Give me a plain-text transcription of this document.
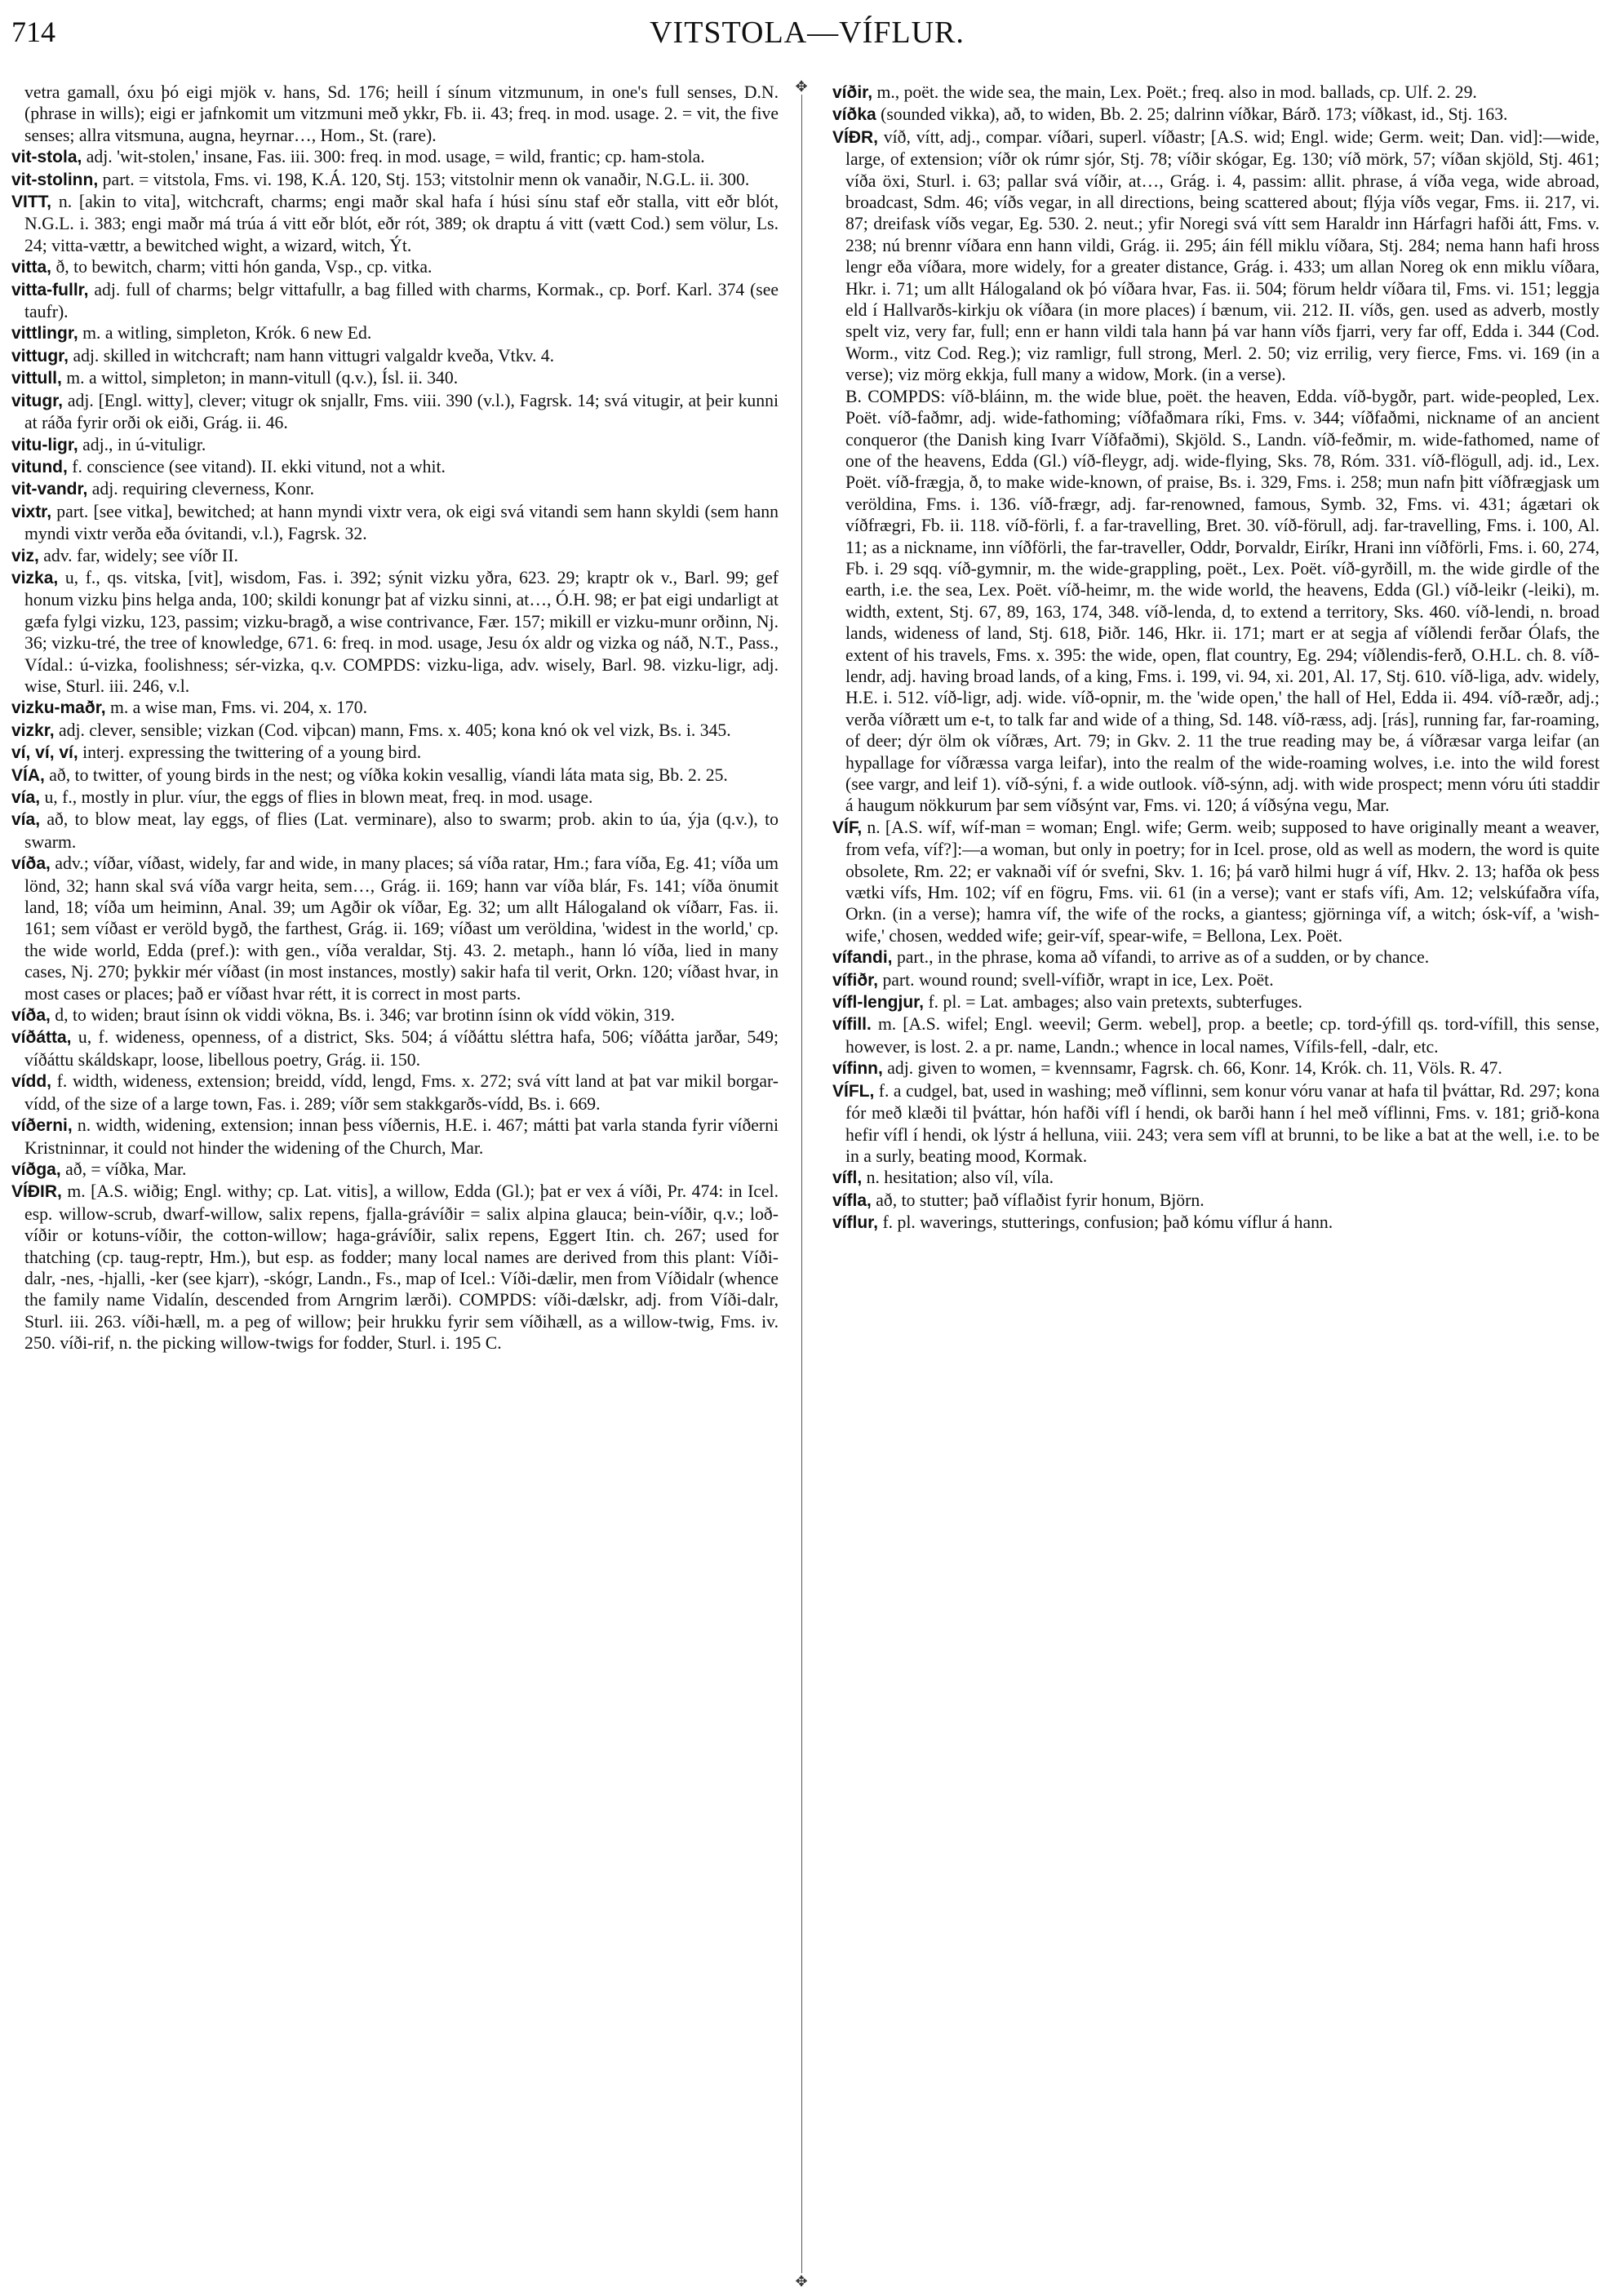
714	VITSTOLA—VÍFLUR.
✥
✥
vetra gamall, óxu þó eigi mjök v. hans, Sd. 176; heill í sínum vitzmunum, in one's full senses, D.N. (phrase in wills); eigi er jafnkomit um vitzmuni með ykkr, Fb. ii. 43; freq. in mod. usage. 2. = vit, the five senses; allra vitsmuna, augna, heyrnar…, Hom., St. (rare).
vit-stola, adj. 'wit-stolen,' insane, Fas. iii. 300: freq. in mod. usage, = wild, frantic; cp. ham-stola.
vit-stolinn, part. = vitstola, Fms. vi. 198, K.Á. 120, Stj. 153; vitstolnir menn ok vanaðir, N.G.L. ii. 300.
VITT, n. [akin to vita], witchcraft, charms; engi maðr skal hafa í húsi sínu staf eðr stalla, vitt eðr blót, N.G.L. i. 383; engi maðr má trúa á vitt eðr blót, eðr rót, 389; ok draptu á vitt (vætt Cod.) sem völur, Ls. 24; vitta-vættr, a bewitched wight, a wizard, witch, Ýt.
vitta, ð, to bewitch, charm; vitti hón ganda, Vsp., cp. vitka.
vitta-fullr, adj. full of charms; belgr vittafullr, a bag filled with charms, Kormak., cp. Þorf. Karl. 374 (see taufr).
vittlingr, m. a witling, simpleton, Krók. 6 new Ed.
vittugr, adj. skilled in witchcraft; nam hann vittugri valgaldr kveða, Vtkv. 4.
vittull, m. a wittol, simpleton; in mann-vitull (q.v.), Ísl. ii. 340.
vitugr, adj. [Engl. witty], clever; vitugr ok snjallr, Fms. viii. 390 (v.l.), Fagrsk. 14; svá vitugir, at þeir kunni at ráða fyrir orði ok eiði, Grág. ii. 46.
vitu-ligr, adj., in ú-vituligr.
vitund, f. conscience (see vitand). II. ekki vitund, not a whit.
vit-vandr, adj. requiring cleverness, Konr.
vixtr, part. [see vitka], bewitched; at hann myndi vixtr vera, ok eigi svá vitandi sem hann skyldi (sem hann myndi vixtr verða eða óvitandi, v.l.), Fagrsk. 32.
viz, adv. far, widely; see víðr II.
vizka, u, f., qs. vitska, [vit], wisdom, Fas. i. 392; sýnit vizku yðra, 623. 29; kraptr ok v., Barl. 99; gef honum vizku þins helga anda, 100; skildi konungr þat af vizku sinni, at…, Ó.H. 98; er þat eigi undarligt at gæfa fylgi vizku, 123, passim; vizku-bragð, a wise contrivance, Fær. 157; mikill er vizku-munr orðinn, Nj. 36; vizku-tré, the tree of knowledge, 671. 6: freq. in mod. usage, Jesu óx aldr og vizka og náð, N.T., Pass., Vídal.: ú-vizka, foolishness; sér-vizka, q.v. COMPDS: vizku-liga, adv. wisely, Barl. 98. vizku-ligr, adj. wise, Sturl. iii. 246, v.l.
vizku-maðr, m. a wise man, Fms. vi. 204, x. 170.
vizkr, adj. clever, sensible; vizkan (Cod. viþcan) mann, Fms. x. 405; kona knó ok vel vizk, Bs. i. 345.
ví, ví, ví, interj. expressing the twittering of a young bird.
VÍA, að, to twitter, of young birds in the nest; og víðka kokin vesallig, víandi láta mata sig, Bb. 2. 25.
vía, u, f., mostly in plur. víur, the eggs of flies in blown meat, freq. in mod. usage.
vía, að, to blow meat, lay eggs, of flies (Lat. verminare), also to swarm; prob. akin to úa, ýja (q.v.), to swarm.
víða, adv.; víðar, víðast, widely, far and wide, in many places; sá víða ratar, Hm.; fara víða, Eg. 41; víða um lönd, 32; hann skal svá víða vargr heita, sem…, Grág. ii. 169; hann var víða blár, Fs. 141; víða önumit land, 18; víða um heiminn, Anal. 39; um Agðir ok víðar, Eg. 32; um allt Hálogaland ok víðarr, Fas. ii. 161; sem víðast er veröld bygð, the farthest, Grág. ii. 169; víðast um veröldina, 'widest in the world,' cp. the wide world, Edda (pref.): with gen., víða veraldar, Stj. 43. 2. metaph., hann ló víða, lied in many cases, Nj. 270; þykkir mér víðast (in most instances, mostly) sakir hafa til verit, Orkn. 120; víðast hvar, in most cases or places; það er víðast hvar rétt, it is correct in most parts.
víða, d, to widen; braut ísinn ok viddi vökna, Bs. i. 346; var brotinn ísinn ok vídd vökin, 319.
víðátta, u, f. wideness, openness, of a district, Sks. 504; á víðáttu sléttra hafa, 506; víðátta jarðar, 549; víðáttu skáldskapr, loose, libellous poetry, Grág. ii. 150.
vídd, f. width, wideness, extension; breidd, vídd, lengd, Fms. x. 272; svá vítt land at þat var mikil borgar-vídd, of the size of a large town, Fas. i. 289; víðr sem stakkgarðs-vídd, Bs. i. 669.
víðerni, n. width, widening, extension; innan þess víðernis, H.E. i. 467; mátti þat varla standa fyrir víðerni Kristninnar, it could not hinder the widening of the Church, Mar.
víðga, að, = víðka, Mar.
VÍÐIR, m. [A.S. wiðig; Engl. withy; cp. Lat. vitis], a willow, Edda (Gl.); þat er vex á víði, Pr. 474: in Icel. esp. willow-scrub, dwarf-willow, salix repens, fjalla-grávíðir = salix alpina glauca; bein-víðir, q.v.; loð-víðir or kotuns-víðir, the cotton-willow; haga-grávíðir, salix repens, Eggert Itin. ch. 267; used for thatching (cp. taug-reptr, Hm.), but esp. as fodder; many local names are derived from this plant: Víði-dalr, -nes, -hjalli, -ker (see kjarr), -skógr, Landn., Fs., map of Icel.: Víði-dælir, men from Víðidalr (whence the family name Vidalín, descended from Arngrim lærði). COMPDS: víði-dælskr, adj. from Víði-dalr, Sturl. iii. 263. víði-hæll, m. a peg of willow; þeir hrukku fyrir sem víðihæll, as a willow-twig, Fms. iv. 250. víði-rif, n. the picking willow-twigs for fodder, Sturl. i. 195 C.
víðir, m., poët. the wide sea, the main, Lex. Poët.; freq. also in mod. ballads, cp. Ulf. 2. 29.
víðka (sounded vikka), að, to widen, Bb. 2. 25; dalrinn víðkar, Bárð. 173; víðkast, id., Stj. 163.
VÍÐR, víð, vítt, adj., compar. víðari, superl. víðastr; [A.S. wid; Engl. wide; Germ. weit; Dan. vid]:—wide, large, of extension; víðr ok rúmr sjór, Stj. 78; víðir skógar, Eg. 130; víð mörk, 57; víðan skjöld, Stj. 461; víða öxi, Sturl. i. 63; pallar svá víðir, at…, Grág. i. 4, passim: allit. phrase, á víða vega, wide abroad, broadcast, Sdm. 46; víðs vegar, in all directions, being scattered about; flýja víðs vegar, Fms. ii. 217, vi. 87; dreifask víðs vegar, Eg. 530. 2. neut.; yfir Noregi svá vítt sem Haraldr inn Hárfagri hafði átt, Fms. v. 238; nú brennr víðara enn hann vildi, Grág. ii. 295; áin féll miklu víðara, Stj. 284; nema hann hafi hross lengr eða víðara, more widely, for a greater distance, Grág. i. 433; um allan Noreg ok enn miklu víðara, Hkr. i. 71; um allt Hálogaland ok þó víðara hvar, Fas. ii. 504; förum heldr víðara til, Fms. vi. 151; leggja eld í Hallvarðs-kirkju ok víðara (in more places) í bænum, vii. 212. II. víðs, gen. used as adverb, mostly spelt viz, very far, full; enn er hann vildi tala hann þá var hann víðs fjarri, very far off, Edda i. 344 (Cod. Worm., vitz Cod. Reg.); viz ramligr, full strong, Merl. 2. 50; viz errilig, very fierce, Fms. vi. 169 (in a verse); viz mörg ekkja, full many a widow, Mork. (in a verse).
B. COMPDS: víð-bláinn, m. the wide blue, poët. the heaven, Edda. víð-bygðr, part. wide-peopled, Lex. Poët. víð-faðmr, adj. wide-fathoming; víðfaðmara ríki, Fms. v. 344; víðfaðmi, nickname of an ancient conqueror (the Danish king Ivarr Víðfaðmi), Skjöld. S., Landn. víð-feðmir, m. wide-fathomed, name of one of the heavens, Edda (Gl.) víð-fleygr, adj. wide-flying, Sks. 78, Róm. 331. víð-flögull, adj. id., Lex. Poët. víð-frægja, ð, to make wide-known, of praise, Bs. i. 329, Fms. i. 258; mun nafn þitt víðfrægjask um veröldina, Fms. i. 136. víð-frægr, adj. far-renowned, famous, Symb. 32, Fms. vi. 431; ágætari ok víðfrægri, Fb. ii. 118. víð-förli, f. a far-travelling, Bret. 30. víð-förull, adj. far-travelling, Fms. i. 100, Al. 11; as a nickname, inn víðförli, the far-traveller, Oddr, Þorvaldr, Eiríkr, Hrani inn víðförli, Fms. i. 60, 274, Fb. i. 29 sqq. víð-gymnir, m. the wide-grappling, poët., Lex. Poët. víð-gyrðill, m. the wide girdle of the earth, i.e. the sea, Lex. Poët. víð-heimr, m. the wide world, the heavens, Edda (Gl.) víð-leikr (-leiki), m. width, extent, Stj. 67, 89, 163, 174, 348. víð-lenda, d, to extend a territory, Sks. 460. víð-lendi, n. broad lands, wideness of land, Stj. 618, Þiðr. 146, Hkr. ii. 171; mart er at segja af víðlendi ferðar Ólafs, the extent of his travels, Fms. x. 395: the wide, open, flat country, Eg. 294; víðlendis-ferð, O.H.L. ch. 8. víð-lendr, adj. having broad lands, of a king, Fms. i. 199, vi. 94, xi. 201, Al. 17, Stj. 610. víð-liga, adv. widely, H.E. i. 512. víð-ligr, adj. wide. víð-opnir, m. the 'wide open,' the hall of Hel, Edda ii. 494. víð-ræðr, adj.; verða víðrætt um e-t, to talk far and wide of a thing, Sd. 148. víð-ræss, adj. [rás], running far, far-roaming, of deer; dýr ölm ok víðræs, Art. 79; in Gkv. 2. 11 the true reading may be, á víðræsar varga leifar (an hypallage for víðræssa varga leifar), into the realm of the wide-roaming wolves, i.e. into the wild forest (see vargr, and leif 1). víð-sýni, f. a wide outlook. víð-sýnn, adj. with wide prospect; menn vóru úti staddir á haugum nökkurum þar sem víðsýnt var, Fms. vi. 120; á víðsýna vegu, Mar.
VÍF, n. [A.S. wíf, wíf-man = woman; Engl. wife; Germ. weib; supposed to have originally meant a weaver, from vefa, víf?]:—a woman, but only in poetry; for in Icel. prose, old as well as modern, the word is quite obsolete, Rm. 22; er vaknaði víf ór svefni, Skv. 1. 16; þá varð hilmi hugr á víf, Hkv. 2. 13; hafða ok þess vætki vífs, Hm. 102; víf en fögru, Fms. vii. 61 (in a verse); vant er stafs vífi, Am. 12; velskúfaðra vífa, Orkn. (in a verse); hamra víf, the wife of the rocks, a giantess; gjörninga víf, a witch; ósk-víf, a 'wish-wife,' chosen, wedded wife; geir-víf, spear-wife, = Bellona, Lex. Poët.
vífandi, part., in the phrase, koma að vífandi, to arrive as of a sudden, or by chance.
vífiðr, part. wound round; svell-vífiðr, wrapt in ice, Lex. Poët.
vífl-lengjur, f. pl. = Lat. ambages; also vain pretexts, subterfuges.
vífill. m. [A.S. wifel; Engl. weevil; Germ. webel], prop. a beetle; cp. tord-ýfill qs. tord-vífill, this sense, however, is lost. 2. a pr. name, Landn.; whence in local names, Vífils-fell, -dalr, etc.
vífinn, adj. given to women, = kvennsamr, Fagrsk. ch. 66, Konr. 14, Krók. ch. 11, Völs. R. 47.
VÍFL, f. a cudgel, bat, used in washing; með víflinni, sem konur vóru vanar at hafa til þváttar, Rd. 297; kona fór með klæði til þváttar, hón hafði vífl í hendi, ok barði hann í hel með víflinni, Fms. v. 181; grið-kona hefir vífl í hendi, ok lýstr á helluna, viii. 243; vera sem vífl at brunni, to be like a bat at the well, i.e. to be in a surly, beating mood, Kormak.
vífl, n. hesitation; also víl, víla.
vífla, að, to stutter; það víflaðist fyrir honum, Björn.
víflur, f. pl. waverings, stutterings, confusion; það kómu víflur á hann.
